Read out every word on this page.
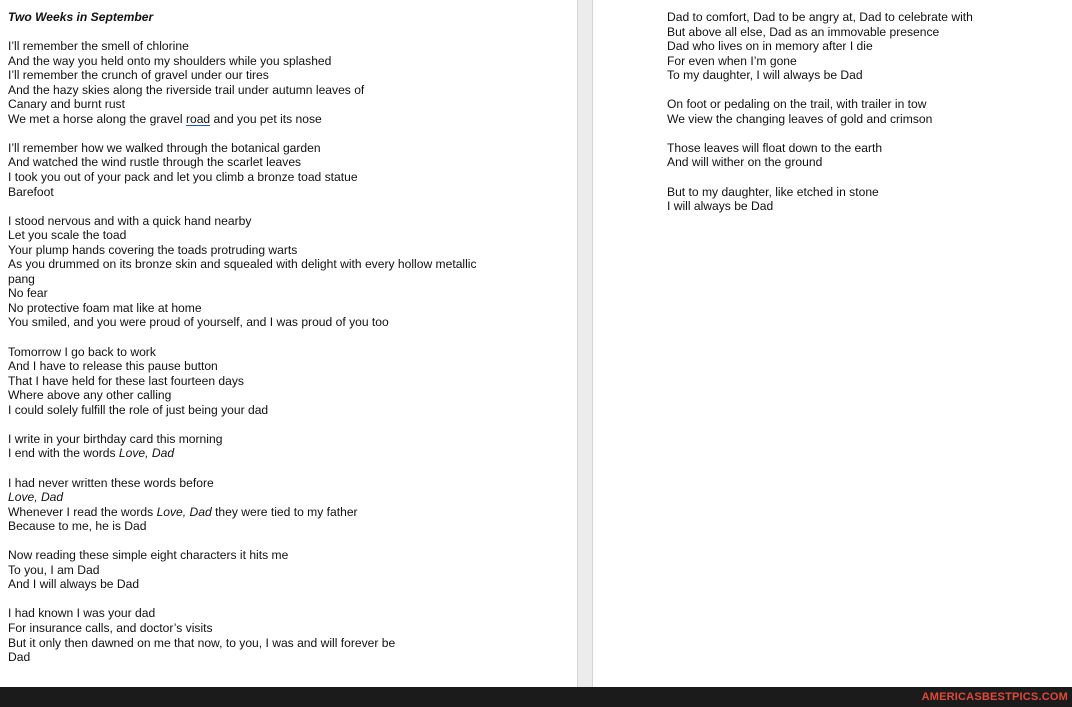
Two Weeks in September
I’ll remember the smell of chlorine
And the way you held onto my shoulders while you splashed
I’ll remember the crunch of gravel under our tires
And the hazy skies along the riverside trail under autumn leaves of
Canary and burnt rust
We met a horse along the gravel road and you pet its nose
I’ll remember how we walked through the botanical garden
And watched the wind rustle through the scarlet leaves
I took you out of your pack and let you climb a bronze toad statue
Barefoot
I stood nervous and with a quick hand nearby
Let you scale the toad
Your plump hands covering the toads protruding warts
As you drummed on its bronze skin and squealed with delight with every hollow metallic
pang
No fear
No protective foam mat like at home
You smiled, and you were proud of yourself, and I was proud of you too
Tomorrow I go back to work
And I have to release this pause button
That I have held for these last fourteen days
Where above any other calling
I could solely fulfill the role of just being your dad
I write in your birthday card this morning
I end with the words Love, Dad
I had never written these words before
Love, Dad
Whenever I read the words Love, Dad they were tied to my father
Because to me, he is Dad
Now reading these simple eight characters it hits me
To you, I am Dad
And I will always be Dad
I had known I was your dad
For insurance calls, and doctor’s visits
But it only then dawned on me that now, to you, I was and will forever be
Dad
Dad to comfort, Dad to be angry at, Dad to celebrate with
But above all else, Dad as an immovable presence
Dad who lives on in memory after I die
For even when I’m gone
To my daughter, I will always be Dad
On foot or pedaling on the trail, with trailer in tow
We view the changing leaves of gold and crimson
Those leaves will float down to the earth
And will wither on the ground
But to my daughter, like etched in stone
I will always be Dad
AMERICASBESTPICS.COM
